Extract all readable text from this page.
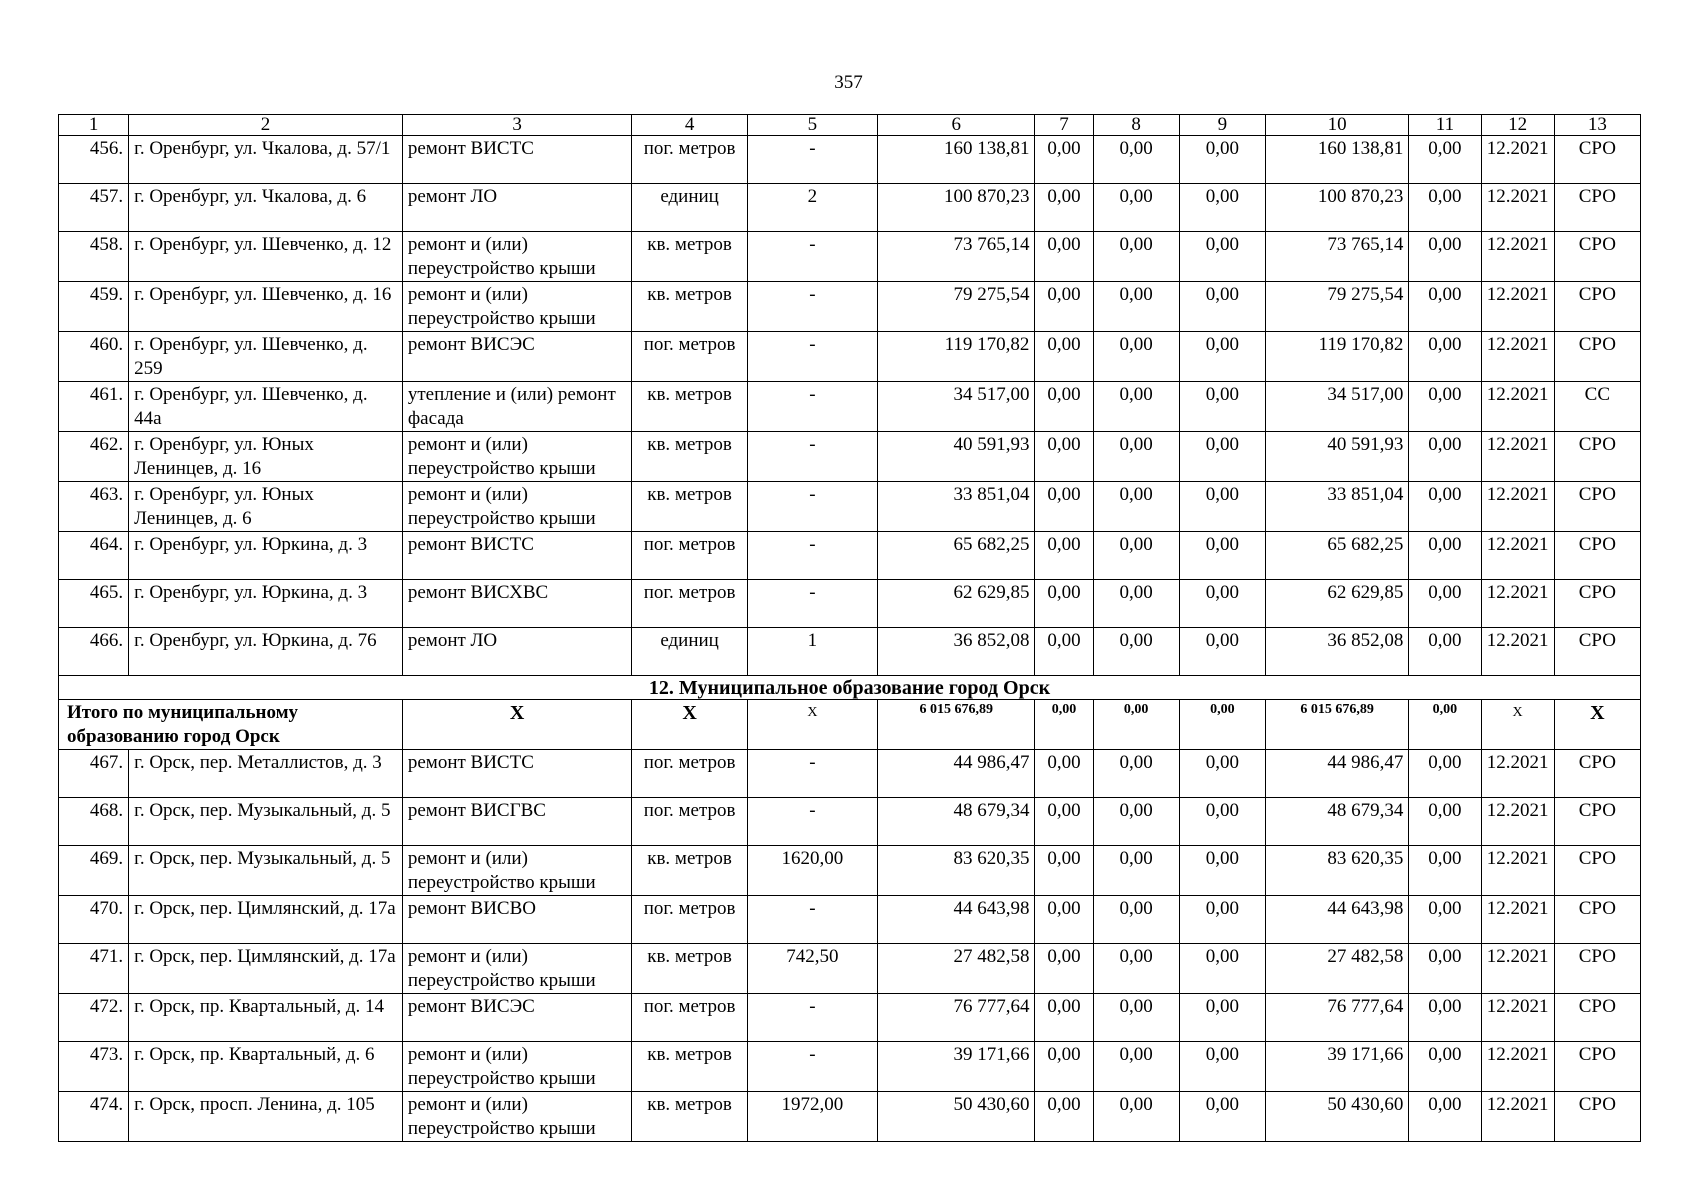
357
1	2	3	4	5	6	7	8	9	10	11	12	13
456.	г. Оренбург, ул. Чкалова, д. 57/1	ремонт ВИСТС	пог. метров	-	160 138,81	0,00	0,00	0,00	160 138,81	0,00	12.2021	СРО
457.	г. Оренбург, ул. Чкалова, д. 6	ремонт ЛО	единиц	2	100 870,23	0,00	0,00	0,00	100 870,23	0,00	12.2021	СРО
458.	г. Оренбург, ул. Шевченко, д. 12	ремонт и (или) переустройство крыши	кв. метров	-	73 765,14	0,00	0,00	0,00	73 765,14	0,00	12.2021	СРО
459.	г. Оренбург, ул. Шевченко, д. 16	ремонт и (или) переустройство крыши	кв. метров	-	79 275,54	0,00	0,00	0,00	79 275,54	0,00	12.2021	СРО
460.	г. Оренбург, ул. Шевченко, д. 259	ремонт ВИСЭС	пог. метров	-	119 170,82	0,00	0,00	0,00	119 170,82	0,00	12.2021	СРО
461.	г. Оренбург, ул. Шевченко, д. 44а	утепление и (или) ремонт фасада	кв. метров	-	34 517,00	0,00	0,00	0,00	34 517,00	0,00	12.2021	СС
462.	г. Оренбург, ул. Юных Ленинцев, д. 16	ремонт и (или) переустройство крыши	кв. метров	-	40 591,93	0,00	0,00	0,00	40 591,93	0,00	12.2021	СРО
463.	г. Оренбург, ул. Юных Ленинцев, д. 6	ремонт и (или) переустройство крыши	кв. метров	-	33 851,04	0,00	0,00	0,00	33 851,04	0,00	12.2021	СРО
464.	г. Оренбург, ул. Юркина, д. 3	ремонт ВИСТС	пог. метров	-	65 682,25	0,00	0,00	0,00	65 682,25	0,00	12.2021	СРО
465.	г. Оренбург, ул. Юркина, д. 3	ремонт ВИСХВС	пог. метров	-	62 629,85	0,00	0,00	0,00	62 629,85	0,00	12.2021	СРО
466.	г. Оренбург, ул. Юркина, д. 76	ремонт ЛО	единиц	1	36 852,08	0,00	0,00	0,00	36 852,08	0,00	12.2021	СРО
12. Муниципальное образование город Орск												
Итого по муниципальному образованию город Орск		Х	Х	Х	6 015 676,89	0,00	0,00	0,00	6 015 676,89	0,00	Х	Х
467.	г. Орск, пер. Металлистов, д. 3	ремонт ВИСТС	пог. метров	-	44 986,47	0,00	0,00	0,00	44 986,47	0,00	12.2021	СРО
468.	г. Орск, пер. Музыкальный, д. 5	ремонт ВИСГВС	пог. метров	-	48 679,34	0,00	0,00	0,00	48 679,34	0,00	12.2021	СРО
469.	г. Орск, пер. Музыкальный, д. 5	ремонт и (или) переустройство крыши	кв. метров	1620,00	83 620,35	0,00	0,00	0,00	83 620,35	0,00	12.2021	СРО
470.	г. Орск, пер. Цимлянский, д. 17а	ремонт ВИСВО	пог. метров	-	44 643,98	0,00	0,00	0,00	44 643,98	0,00	12.2021	СРО
471.	г. Орск, пер. Цимлянский, д. 17а	ремонт и (или) переустройство крыши	кв. метров	742,50	27 482,58	0,00	0,00	0,00	27 482,58	0,00	12.2021	СРО
472.	г. Орск, пр. Квартальный, д. 14	ремонт ВИСЭС	пог. метров	-	76 777,64	0,00	0,00	0,00	76 777,64	0,00	12.2021	СРО
473.	г. Орск, пр. Квартальный, д. 6	ремонт и (или) переустройство крыши	кв. метров	-	39 171,66	0,00	0,00	0,00	39 171,66	0,00	12.2021	СРО
474.	г. Орск, просп. Ленина, д. 105	ремонт и (или) переустройство крыши	кв. метров	1972,00	50 430,60	0,00	0,00	0,00	50 430,60	0,00	12.2021	СРО
